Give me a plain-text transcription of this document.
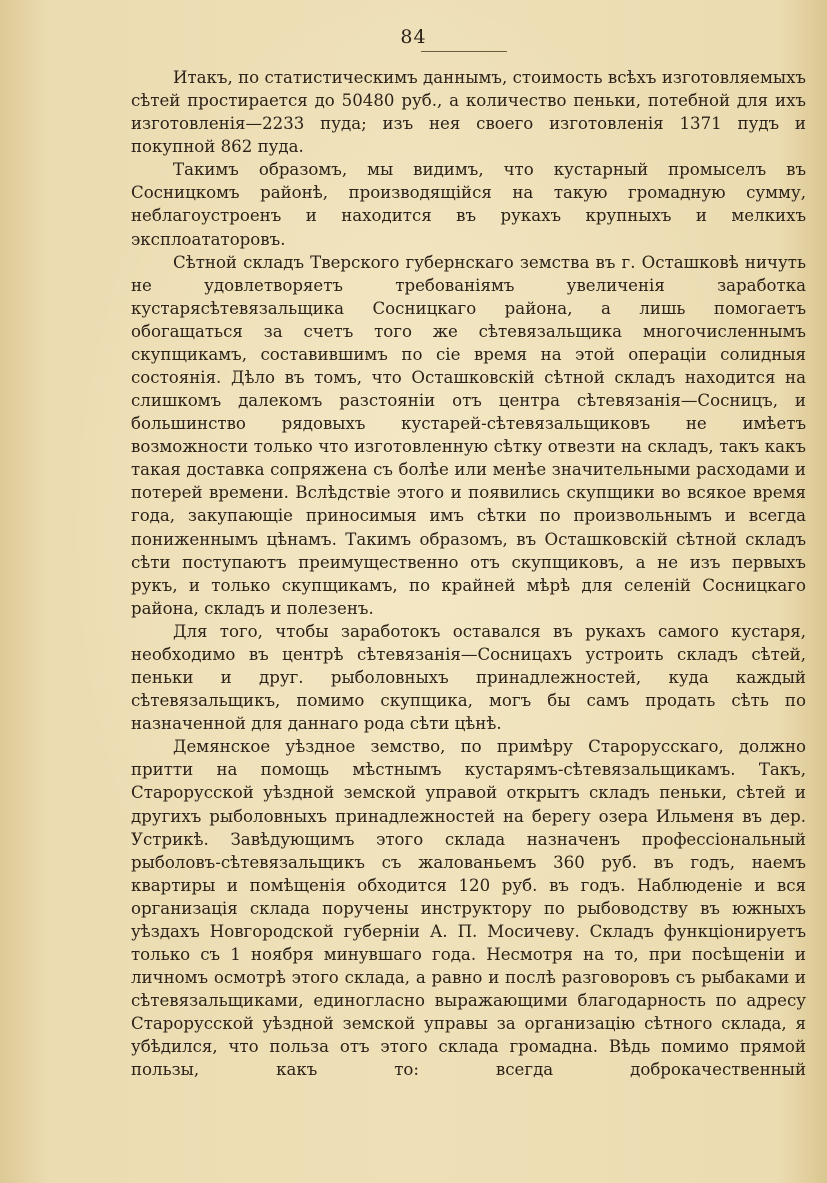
84

Итакъ, по статистическимъ даннымъ, стоимость всѣхъ изготовляемыхъ сѣтей простирается до 50480 руб., а количество пеньки, потебной для ихъ изготовленія—2233 пуда; изъ нея своего изготовленія 1371 пудъ и покупной 862 пуда.

Такимъ образомъ, мы видимъ, что кустарный промыселъ въ Сосницкомъ районѣ, производящійся на такую громадную сумму, неблагоустроенъ и находится въ рукахъ крупныхъ и мелкихъ эксплоататоровъ.

Сѣтной складъ Тверского губернскаго земства въ г. Осташковѣ ничуть не удовлетворяетъ требованіямъ увеличенія заработка кустарясѣтевязальщика Сосницкаго района, а лишь помогаетъ обогащаться за счетъ того же сѣтевязальщика многочисленнымъ скупщикамъ, составившимъ по сіе время на этой операціи солидныя состоянія. Дѣло въ томъ, что Осташковскій сѣтной складъ находится на слишкомъ далекомъ разстояніи отъ центра сѣтевязанія—Сосницъ, и большинство рядовыхъ кустарей-сѣтевязальщиковъ не имѣетъ возможности только что изготовленную сѣтку отвезти на складъ, такъ какъ такая доставка сопряжена съ болѣе или менѣе значительными расходами и потерей времени. Вслѣдствіе этого и появились скупщики во всякое время года, закупающіе приносимыя имъ сѣтки по произвольнымъ и всегда пониженнымъ цѣнамъ. Такимъ образомъ, въ Осташковскій сѣтной складъ сѣти поступаютъ преимущественно отъ скупщиковъ, а не изъ первыхъ рукъ, и только скупщикамъ, по крайней мѣрѣ для селеній Сосницкаго района, складъ и полезенъ.

Для того, чтобы заработокъ оставался въ рукахъ самого кустаря, необходимо въ центрѣ сѣтевязанія—Сосницахъ устроить складъ сѣтей, пеньки и друг. рыболовныхъ принадлежностей, куда каждый сѣтевязальщикъ, помимо скупщика, могъ бы самъ продать сѣть по назначенной для даннаго рода сѣти цѣнѣ.

Демянское уѣздное земство, по примѣру Старорусскаго, должно притти на помощь мѣстнымъ кустарямъ-сѣтевязальщикамъ. Такъ, Старорусской уѣздной земской управой открытъ складъ пеньки, сѣтей и другихъ рыболовныхъ принадлежностей на берегу озера Ильменя въ дер. Устрикѣ. Завѣдующимъ этого склада назначенъ профессіональный рыболовъ-сѣтевязальщикъ съ жалованьемъ 360 руб. въ годъ, наемъ квартиры и помѣщенія обходится 120 руб. въ годъ. Наблюденіе и вся организація склада поручены инструктору по рыбоводству въ южныхъ уѣздахъ Новгородской губерніи А. П. Мосичеву. Складъ функціонируетъ только съ 1 ноября минувшаго года. Несмотря на то, при посѣщеніи и личномъ осмотрѣ этого склада, а равно и послѣ разговоровъ съ рыбаками и сѣтевязальщиками, единогласно выражающими благодарность по адресу Старорусской уѣздной земской управы за организацію сѣтного склада, я убѣдился, что польза отъ этого склада громадна. Вѣдь помимо прямой пользы, какъ то: всегда доброкачественный
